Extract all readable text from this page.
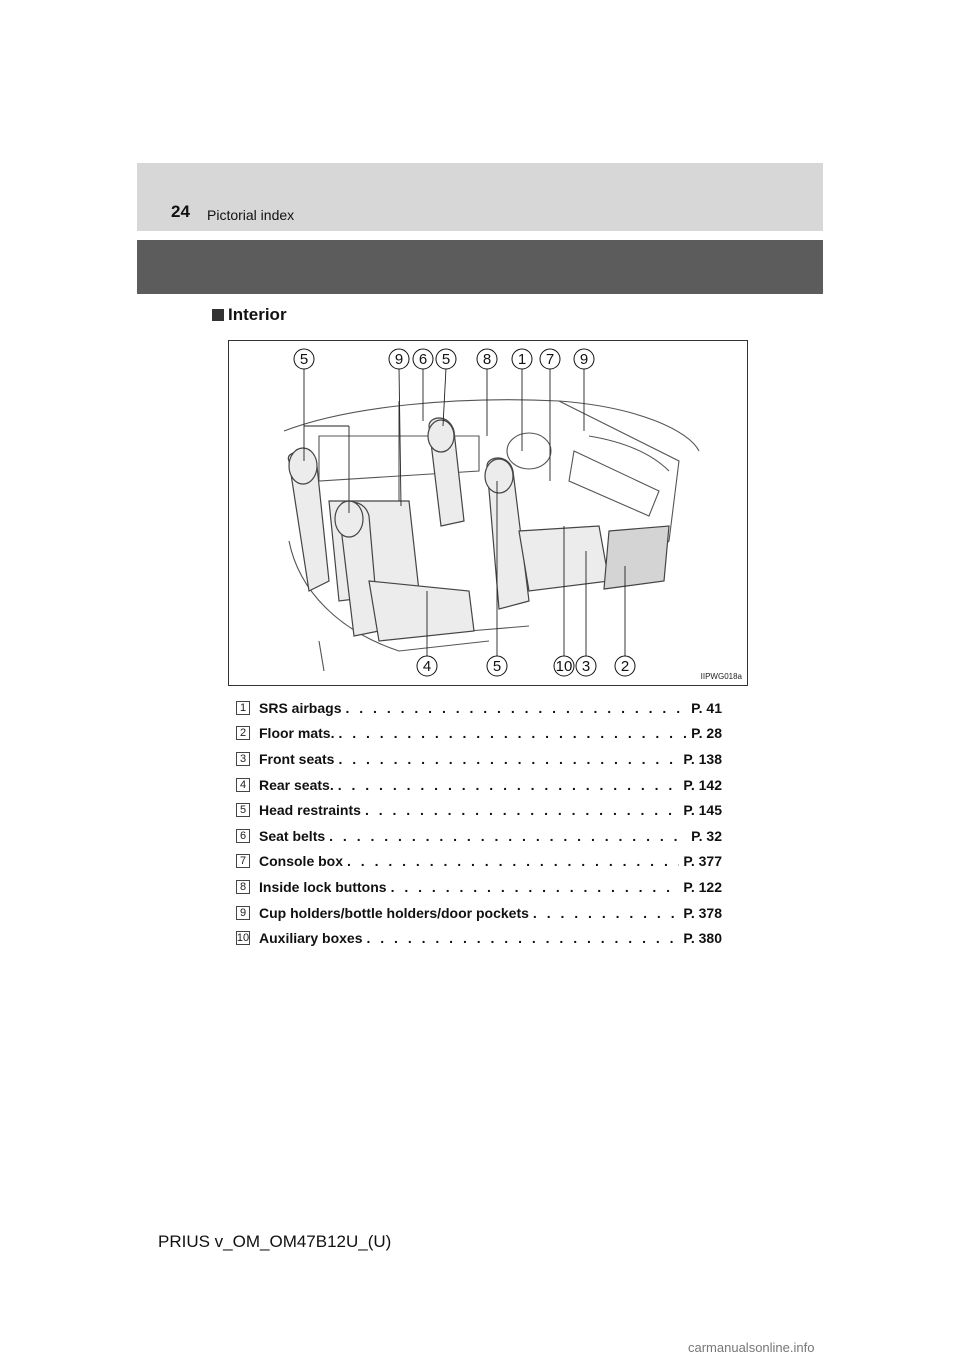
24 Pictorial index
Interior
5	9 6 5 8 1 7 9
4	5	10 3 2
IIPWG018a
1 SRS airbags . . .	P. 41
2 Floor mats. . . .	P. 28
3 Front seats . . .	P. 138
4 Rear seats. . . .	P. 142
5 Head restraints . . .	P. 145
6 Seat belts . . .	P. 32
7 Console box . . .	P. 377
8 Inside lock buttons . . .	P. 122
9 Cup holders/bottle holders/door pockets . . .	P. 378
10 Auxiliary boxes . . .	P. 380
PRIUS v_OM_OM47B12U_(U)
carmanualsonline.info
